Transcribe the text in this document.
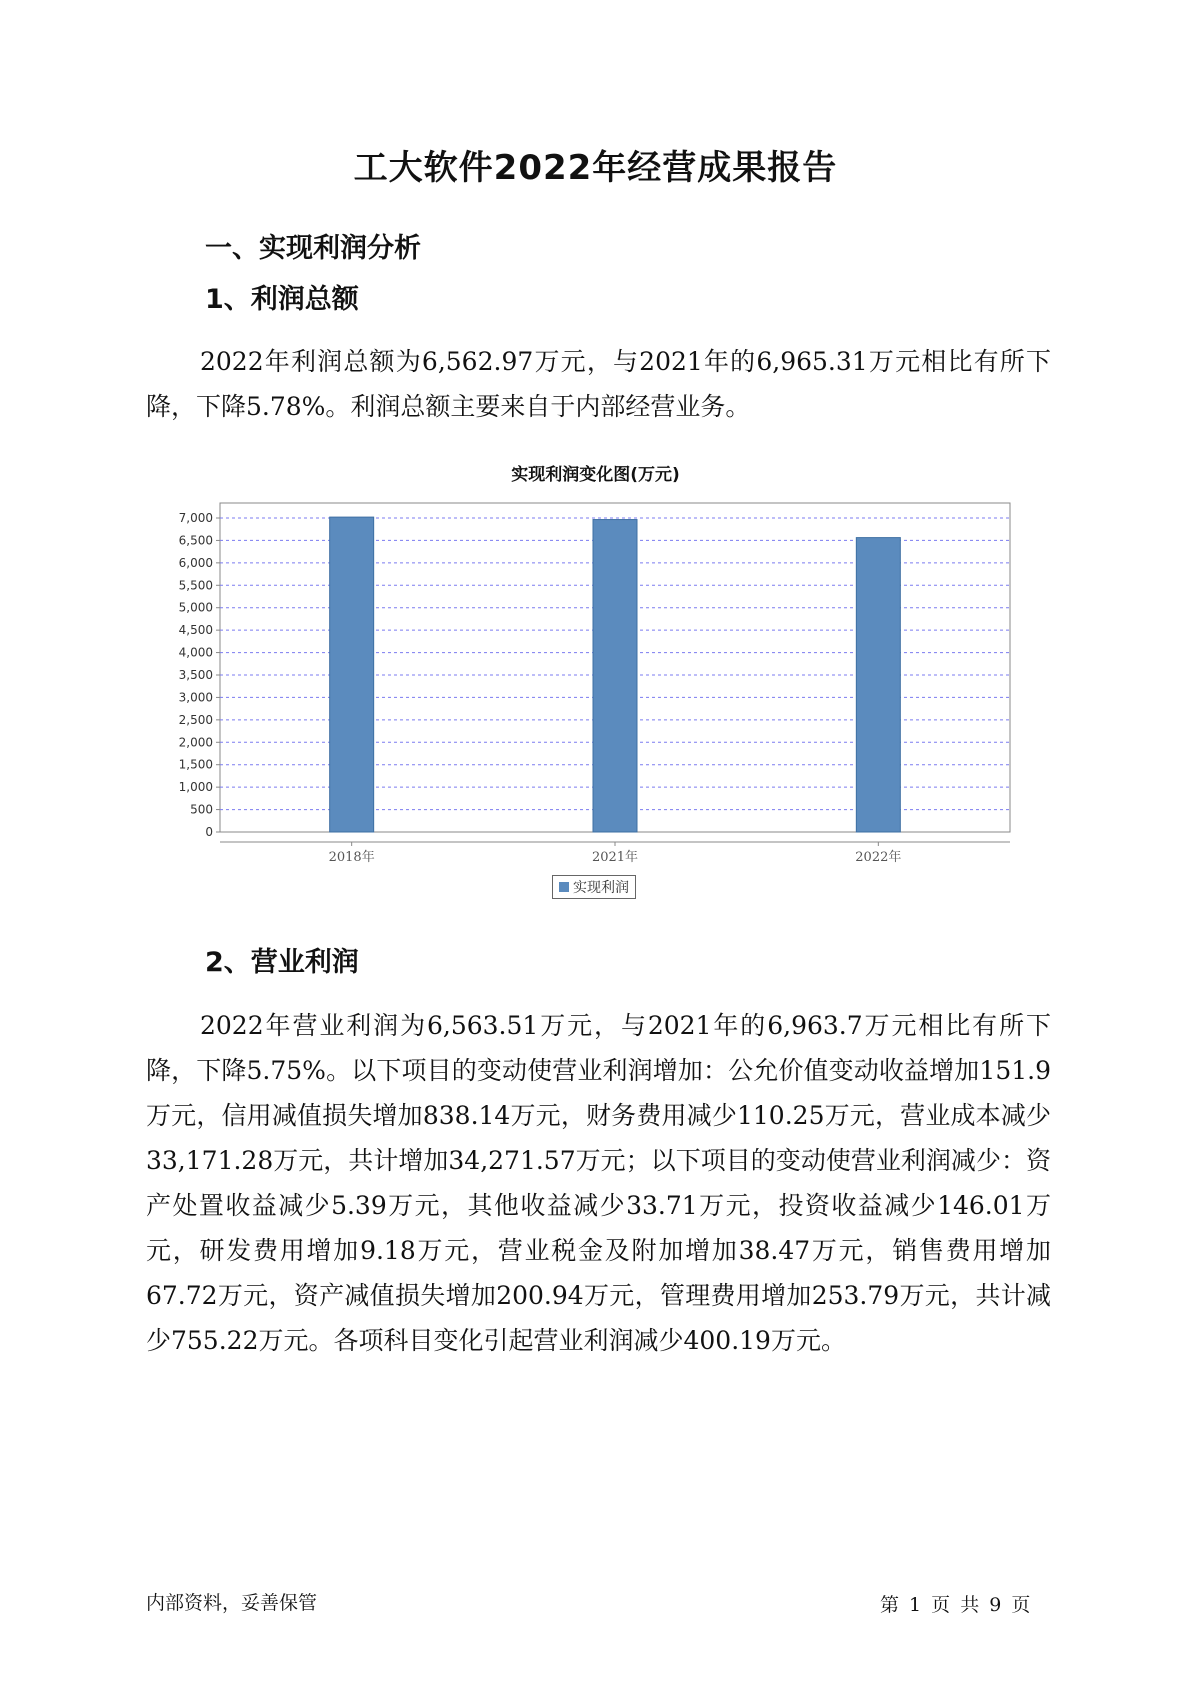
工大软件2022年经营成果报告
一、实现利润分析
1、利润总额

2022年利润总额为6,562.97万元，与2021年的6,965.31万元相比有所下降，下降5.78%。利润总额主要来自于内部经营业务。

实现利润变化图(万元)
0
500
1,000
1,500
2,000
2,500
3,000
3,500
4,000
4,500
5,000
5,500
6,000
6,500
7,000
2018年	2021年	2022年
实现利润
2、营业利润

2022年营业利润为6,563.51万元，与2021年的6,963.7万元相比有所下降，下降5.75%。以下项目的变动使营业利润增加：公允价值变动收益增加151.9万元，信用减值损失增加838.14万元，财务费用减少110.25万元，营业成本减少33,171.28万元，共计增加34,271.57万元；以下项目的变动使营业利润减少：资产处置收益减少5.39万元，其他收益减少33.71万元，投资收益减少146.01万元，研发费用增加9.18万元，营业税金及附加增加38.47万元，销售费用增加67.72万元，资产减值损失增加200.94万元，管理费用增加253.79万元，共计减少755.22万元。各项科目变化引起营业利润减少400.19万元。

内部资料，妥善保管	第 1 页 共 9 页
